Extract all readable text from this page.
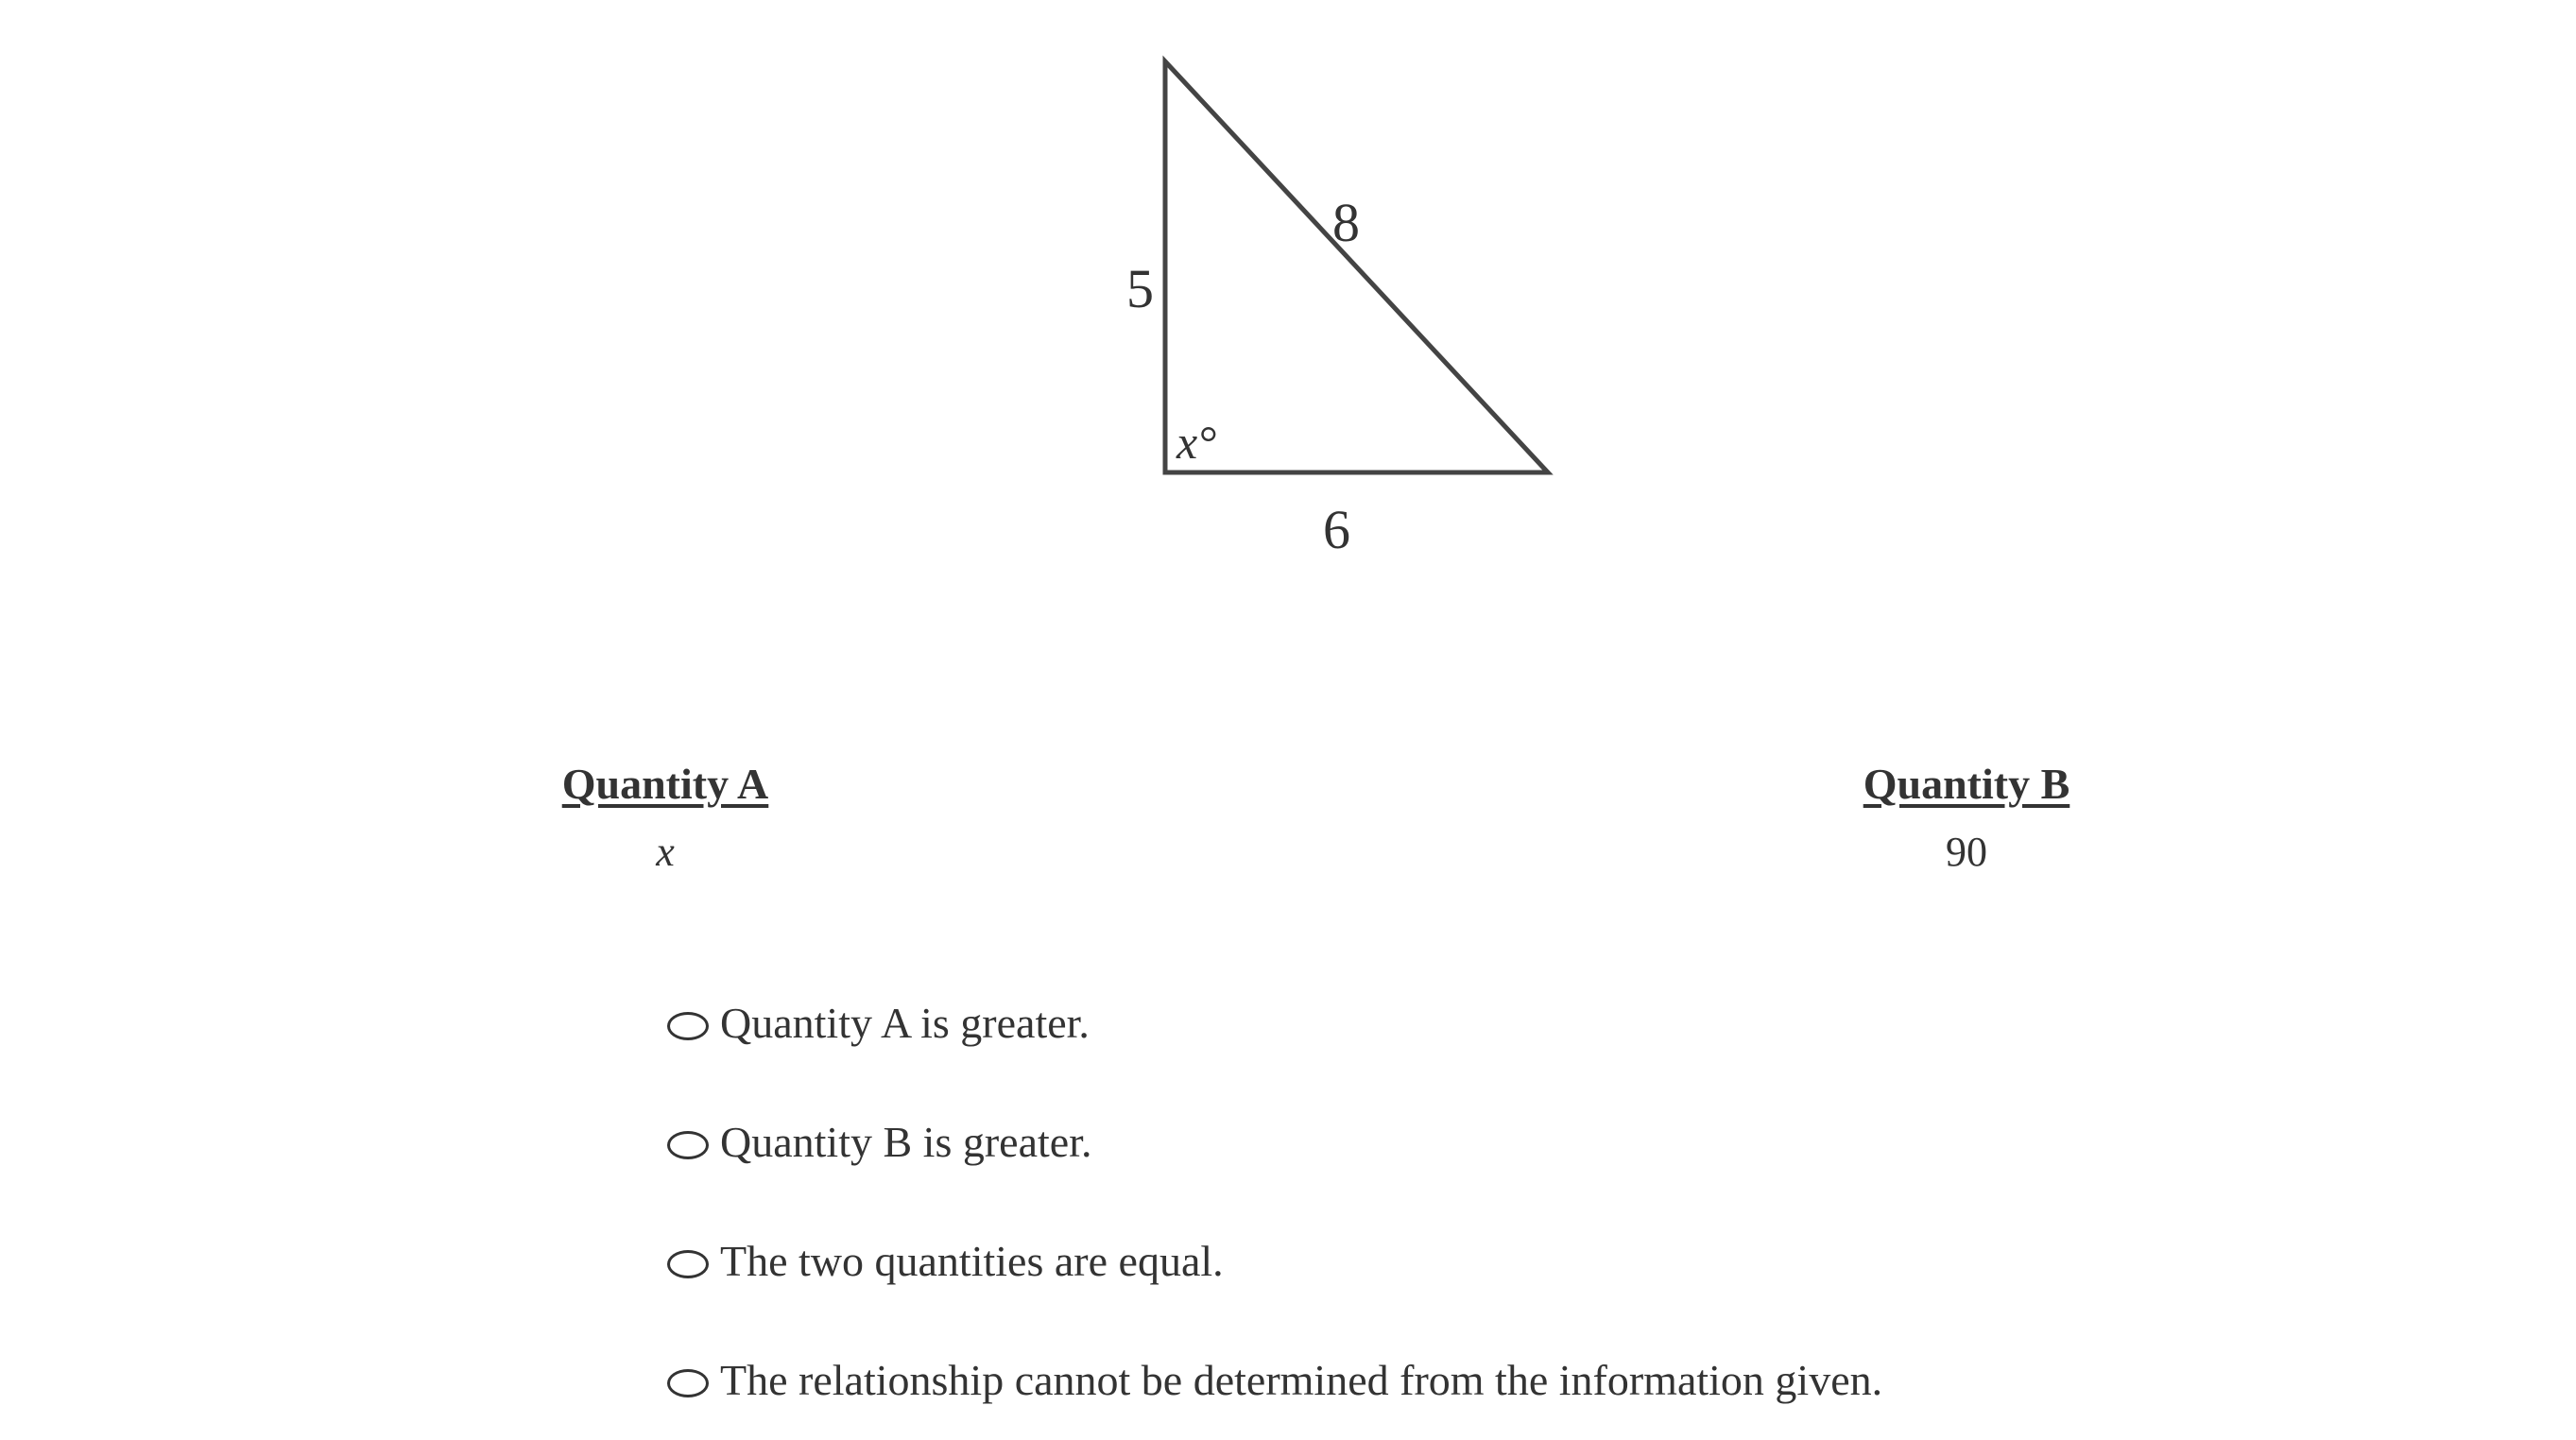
5
8
6
x°
Quantity A
x
Quantity B
90
Quantity A is greater.
Quantity B is greater.
The two quantities are equal.
The relationship cannot be determined from the information given.
